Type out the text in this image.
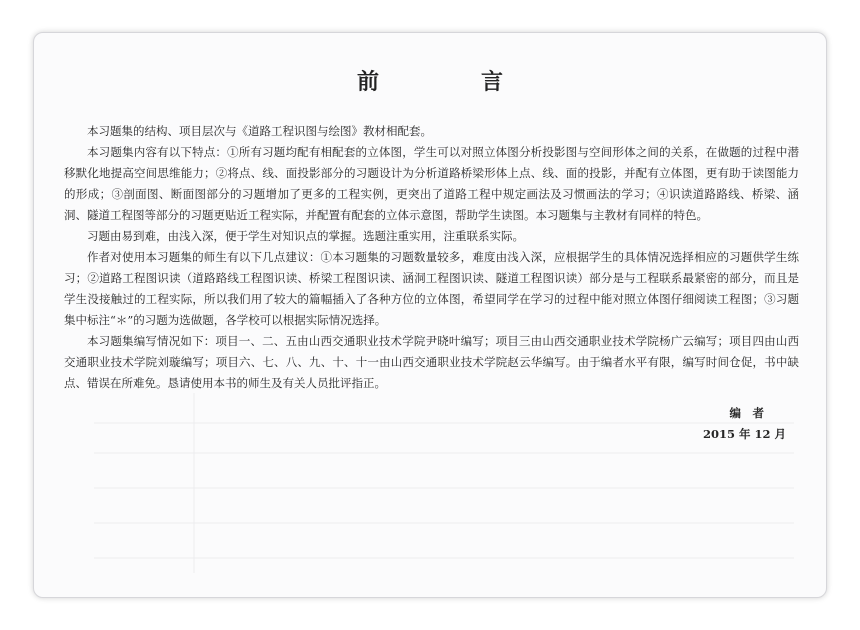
前　言

本习题集的结构、项目层次与《道路工程识图与绘图》教材相配套。

本习题集内容有以下特点：①所有习题均配有相配套的立体图，学生可以对照立体图分析投影图与空间形体之间的关系，在做题的过程中潜移默化地提高空间思维能力；②将点、线、面投影部分的习题设计为分析道路桥梁形体上点、线、面的投影，并配有立体图，更有助于读图能力的形成；③剖面图、断面图部分的习题增加了更多的工程实例，更突出了道路工程中规定画法及习惯画法的学习；④识读道路路线、桥梁、涵洞、隧道工程图等部分的习题更贴近工程实际，并配置有配套的立体示意图，帮助学生读图。本习题集与主教材有同样的特色。

习题由易到难，由浅入深，便于学生对知识点的掌握。选题注重实用，注重联系实际。

作者对使用本习题集的师生有以下几点建议：①本习题集的习题数量较多，难度由浅入深，应根据学生的具体情况选择相应的习题供学生练习；②道路工程图识读（道路路线工程图识读、桥梁工程图识读、涵洞工程图识读、隧道工程图识读）部分是与工程联系最紧密的部分，而且是学生没接触过的工程实际，所以我们用了较大的篇幅插入了各种方位的立体图，希望同学在学习的过程中能对照立体图仔细阅读工程图；③习题集中标注“＊”的习题为选做题，各学校可以根据实际情况选择。

本习题集编写情况如下：项目一、二、五由山西交通职业技术学院尹晓叶编写；项目三由山西交通职业技术学院杨广云编写；项目四由山西交通职业技术学院刘璇编写；项目六、七、八、九、十、十一由山西交通职业技术学院赵云华编写。由于编者水平有限，编写时间仓促，书中缺点、错误在所难免。恳请使用本书的师生及有关人员批评指正。

编　者
2015 年 12 月
